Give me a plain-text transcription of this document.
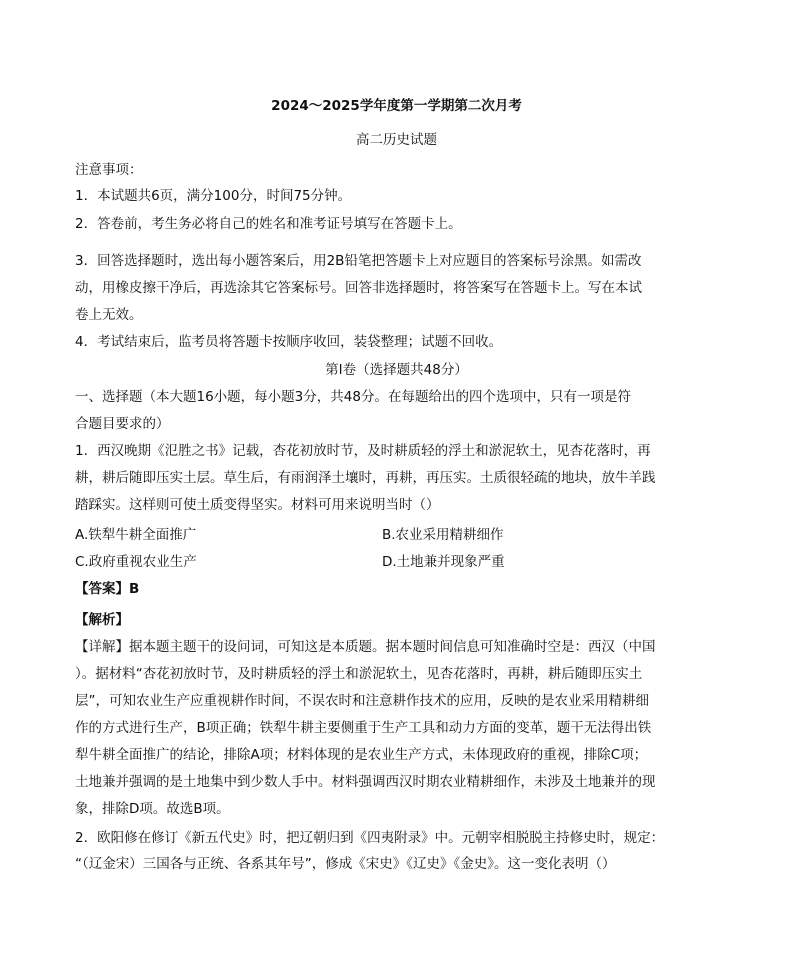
2024～2025学年度第一学期第二次月考
高二历史试题
注意事项：
1．本试题共6页，满分100分，时间75分钟。
2．答卷前，考生务必将自己的姓名和准考证号填写在答题卡上。
3．回答选择题时，选出每小题答案后，用2B铅笔把答题卡上对应题目的答案标号涂黑。如需改
动，用橡皮擦干净后，再选涂其它答案标号。回答非选择题时，将答案写在答题卡上。写在本试
卷上无效。
4．考试结束后，监考员将答题卡按顺序收回，装袋整理；试题不回收。
第I卷（选择题共48分）
一、选择题（本大题16小题，每小题3分，共48分。在每题给出的四个选项中，只有一项是符
合题目要求的）
1．西汉晚期《氾胜之书》记载，杏花初放时节，及时耕质轻的浮土和淤泥软土，见杏花落时，再
耕，耕后随即压实土层。草生后，有雨润泽土壤时，再耕，再压实。土质很轻疏的地块，放牛羊践
踏踩实。这样则可使土质变得坚实。材料可用来说明当时（）
A.铁犁牛耕全面推广	B.农业采用精耕细作
C.政府重视农业生产	D.土地兼并现象严重
【答案】B
【解析】
【详解】据本题主题干的设问词，可知这是本质题。据本题时间信息可知准确时空是：西汉（中国
）。据材料“杏花初放时节，及时耕质轻的浮土和淤泥软土，见杏花落时，再耕，耕后随即压实土
层”，可知农业生产应重视耕作时间，不误农时和注意耕作技术的应用，反映的是农业采用精耕细
作的方式进行生产，B项正确；铁犁牛耕主要侧重于生产工具和动力方面的变革，题干无法得出铁
犁牛耕全面推广的结论，排除A项；材料体现的是农业生产方式，未体现政府的重视，排除C项；
土地兼并强调的是土地集中到少数人手中。材料强调西汉时期农业精耕细作，未涉及土地兼并的现
象，排除D项。故选B项。
2．欧阳修在修订《新五代史》时，把辽朝归到《四夷附录》中。元朝宰相脱脱主持修史时，规定：
“（辽金宋）三国各与正统、各系其年号”，修成《宋史》《辽史》《金史》。这一变化表明（）
